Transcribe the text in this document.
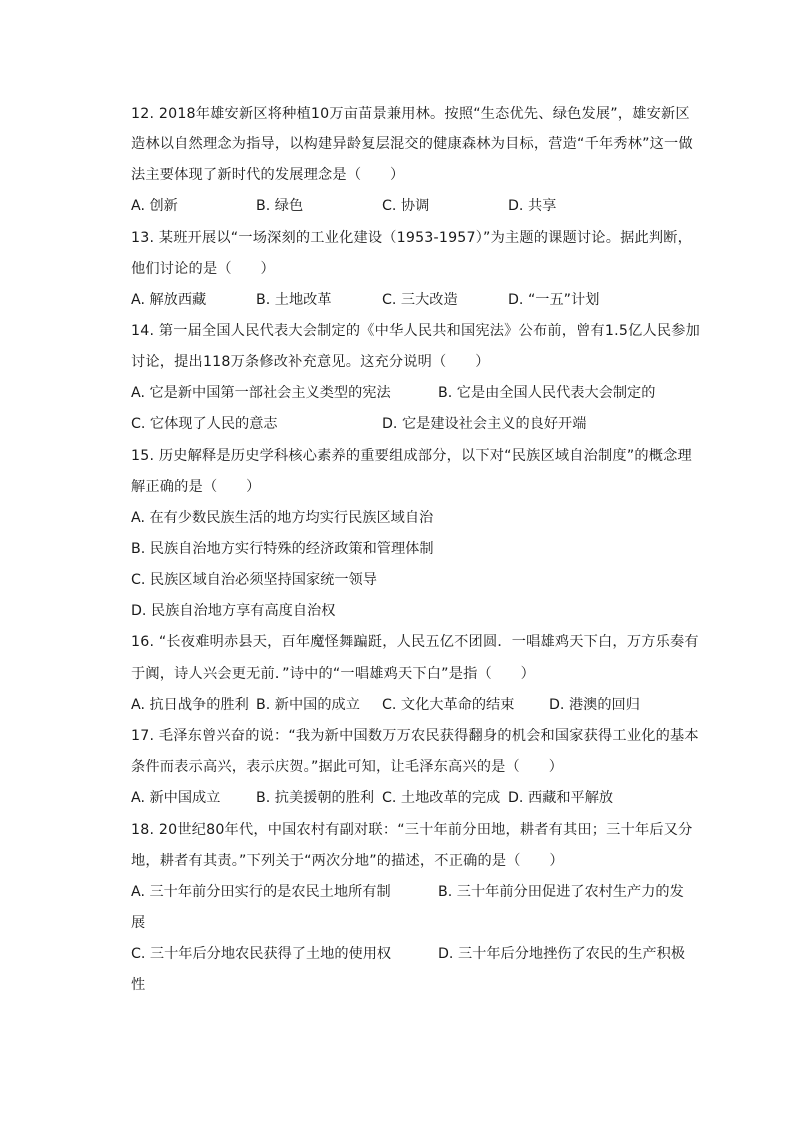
12. 2018年雄安新区将种植10万亩苗景兼用林。按照“生态优先、绿色发展”，雄安新区
造林以自然理念为指导，以构建异龄复层混交的健康森林为目标，营造“千年秀林”这一做
法主要体现了新时代的发展理念是（　　）
A. 创新	B. 绿色	C. 协调	D. 共享
13. 某班开展以“一场深刻的工业化建设（1953-1957）”为主题的课题讨论。据此判断，
他们讨论的是（　　）
A. 解放西藏	B. 土地改革	C. 三大改造	D. “一五”计划
14. 第一届全国人民代表大会制定的《中华人民共和国宪法》公布前，曾有1.5亿人民参加
讨论，提出118万条修改补充意见。这充分说明（　　）
A. 它是新中国第一部社会主义类型的宪法	B. 它是由全国人民代表大会制定的
C. 它体现了人民的意志	D. 它是建设社会主义的良好开端
15. 历史解释是历史学科核心素养的重要组成部分，以下对“民族区域自治制度”的概念理
解正确的是（　　）
A. 在有少数民族生活的地方均实行民族区域自治
B. 民族自治地方实行特殊的经济政策和管理体制
C. 民族区域自治必须坚持国家统一领导
D. 民族自治地方享有高度自治权
16. “长夜难明赤县天，百年魔怪舞蹁跹，人民五亿不团圆．一唱雄鸡天下白，万方乐奏有
于阗，诗人兴会更无前．”诗中的“一唱雄鸡天下白”是指（　　）
A. 抗日战争的胜利 B. 新中国的成立 C. 文化大革命的结束 D. 港澳的回归
17. 毛泽东曾兴奋的说：“我为新中国数万万农民获得翻身的机会和国家获得工业化的基本
条件而表示高兴，表示庆贺。”据此可知，让毛泽东高兴的是（　　）
A. 新中国成立	B. 抗美援朝的胜利 C. 土地改革的完成 D. 西藏和平解放
18. 20世纪80年代，中国农村有副对联：“三十年前分田地，耕者有其田；三十年后又分
地，耕者有其责。”下列关于“两次分地”的描述，不正确的是（　　）
A. 三十年前分田实行的是农民土地所有制	B. 三十年前分田促进了农村生产力的发
展
C. 三十年后分地农民获得了土地的使用权	D. 三十年后分地挫伤了农民的生产积极
性
